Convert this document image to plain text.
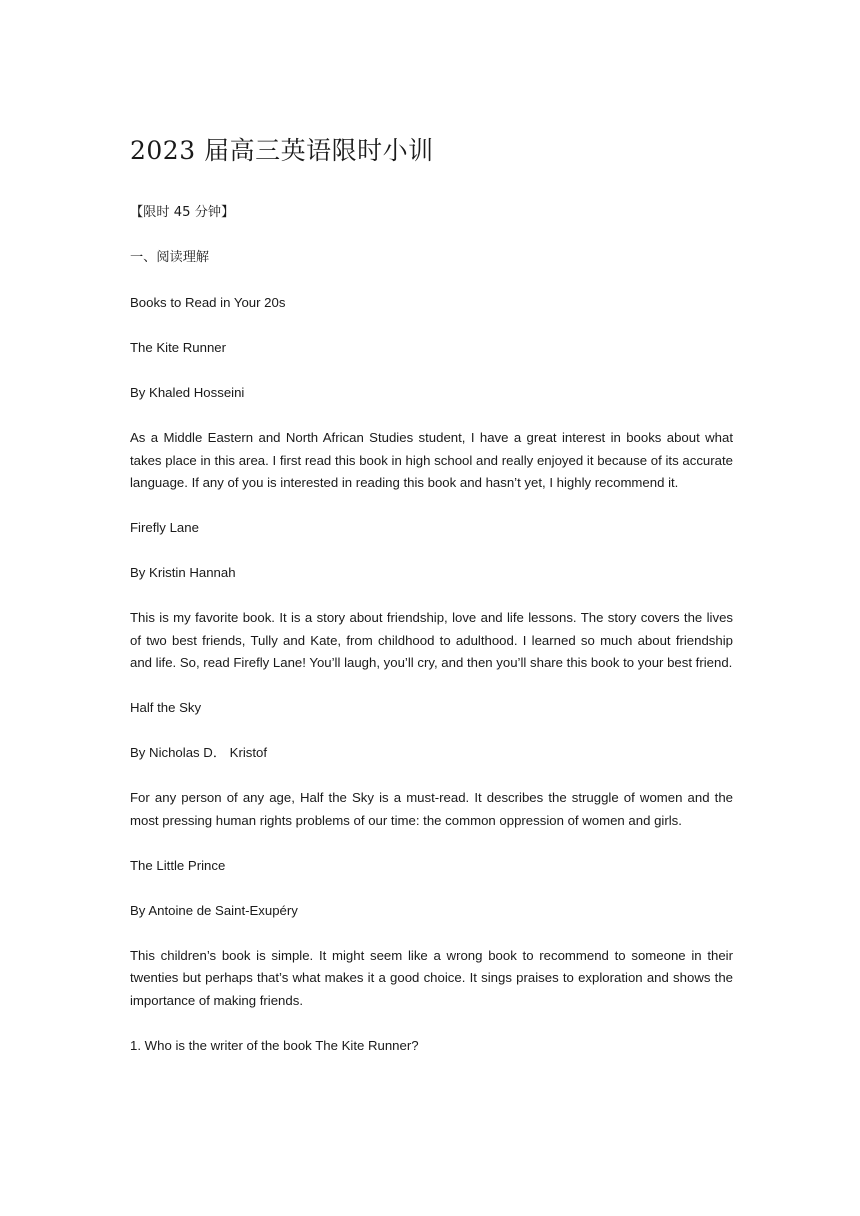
2023 届高三英语限时小训
【限时 45 分钟】
一、阅读理解
Books to Read in Your 20s
The Kite Runner
By Khaled Hosseini

As a Middle Eastern and North African Studies student, I have a great interest in books about what takes place in this area. I first read this book in high school and really enjoyed it because of its accurate language. If any of you is interested in reading this book and hasn’t yet, I highly recommend it.

Firefly Lane
By Kristin Hannah

This is my favorite book. It is a story about friendship, love and life lessons. The story covers the lives of two best friends, Tully and Kate, from childhood to adulthood. I learned so much about friendship and life. So, read Firefly Lane! You’ll laugh, you’ll cry, and then you’ll share this book to your best friend.

Half the Sky
By Nicholas D． Kristof

For any person of any age, Half the Sky is a must-read. It describes the struggle of women and the most pressing human rights problems of our time: the common oppression of women and girls.

The Little Prince
By Antoine de Saint-Exupéry

This children’s book is simple. It might seem like a wrong book to recommend to someone in their twenties but perhaps that’s what makes it a good choice. It sings praises to exploration and shows the importance of making friends.

1. Who is the writer of the book The Kite Runner?
